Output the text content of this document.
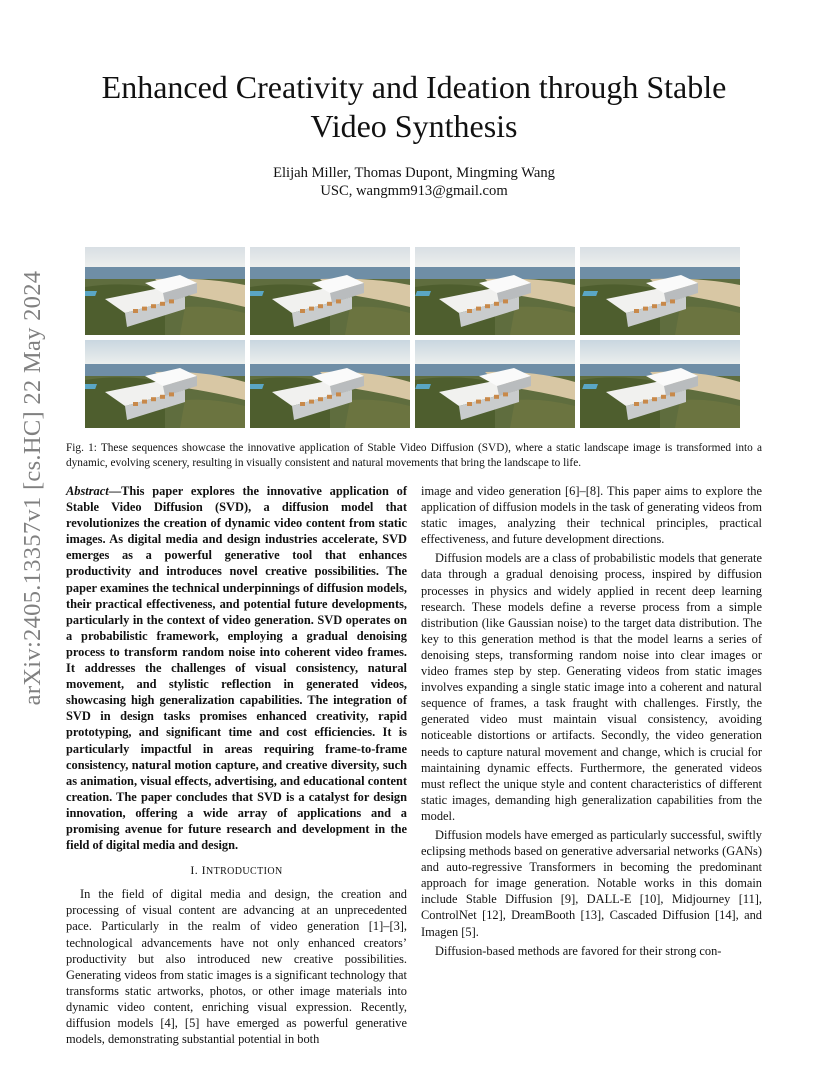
arXiv:2405.13357v1 [cs.HC] 22 May 2024
Enhanced Creativity and Ideation through Stable Video Synthesis
Elijah Miller, Thomas Dupont, Mingming Wang
USC, wangmm913@gmail.com
Fig. 1: These sequences showcase the innovative application of Stable Video Diffusion (SVD), where a static landscape image is transformed into a dynamic, evolving scenery, resulting in visually consistent and natural movements that bring the landscape to life.

Abstract—This paper explores the innovative application of Stable Video Diffusion (SVD), a diffusion model that revolutionizes the creation of dynamic video content from static images. As digital media and design industries accelerate, SVD emerges as a powerful generative tool that enhances productivity and introduces novel creative possibilities. The paper examines the technical underpinnings of diffusion models, their practical effectiveness, and potential future developments, particularly in the context of video generation. SVD operates on a probabilistic framework, employing a gradual denoising process to transform random noise into coherent video frames. It addresses the challenges of visual consistency, natural movement, and stylistic reflection in generated videos, showcasing high generalization capabilities. The integration of SVD in design tasks promises enhanced creativity, rapid prototyping, and significant time and cost efficiencies. It is particularly impactful in areas requiring frame-to-frame consistency, natural motion capture, and creative diversity, such as animation, visual effects, advertising, and educational content creation. The paper concludes that SVD is a catalyst for design innovation, offering a wide array of applications and a promising avenue for future research and development in the field of digital media and design.

I. INTRODUCTION

In the field of digital media and design, the creation and processing of visual content are advancing at an unprecedented pace. Particularly in the realm of video generation [1]–[3], technological advancements have not only enhanced creators’ productivity but also introduced new creative possibilities. Generating videos from static images is a significant technology that transforms static artworks, photos, or other image materials into dynamic video content, enriching visual expression. Recently, diffusion models [4], [5] have emerged as powerful generative models, demonstrating substantial potential in both

image and video generation [6]–[8]. This paper aims to explore the application of diffusion models in the task of generating videos from static images, analyzing their technical principles, practical effectiveness, and future development directions.

Diffusion models are a class of probabilistic models that generate data through a gradual denoising process, inspired by diffusion processes in physics and widely applied in recent deep learning research. These models define a reverse process from a simple distribution (like Gaussian noise) to the target data distribution. The key to this generation method is that the model learns a series of denoising steps, transforming random noise into clear images or video frames step by step. Generating videos from static images involves expanding a single static image into a coherent and natural sequence of frames, a task fraught with challenges. Firstly, the generated video must maintain visual consistency, avoiding noticeable distortions or artifacts. Secondly, the video generation needs to capture natural movement and change, which is crucial for maintaining dynamic effects. Furthermore, the generated videos must reflect the unique style and content characteristics of different static images, demanding high generalization capabilities from the model.

Diffusion models have emerged as particularly successful, swiftly eclipsing methods based on generative adversarial networks (GANs) and auto-regressive Transformers in becoming the predominant approach for image generation. Notable works in this domain include Stable Diffusion [9], DALL-E [10], Midjourney [11], ControlNet [12], DreamBooth [13], Cascaded Diffusion [14], and Imagen [5].

Diffusion-based methods are favored for their strong con-
